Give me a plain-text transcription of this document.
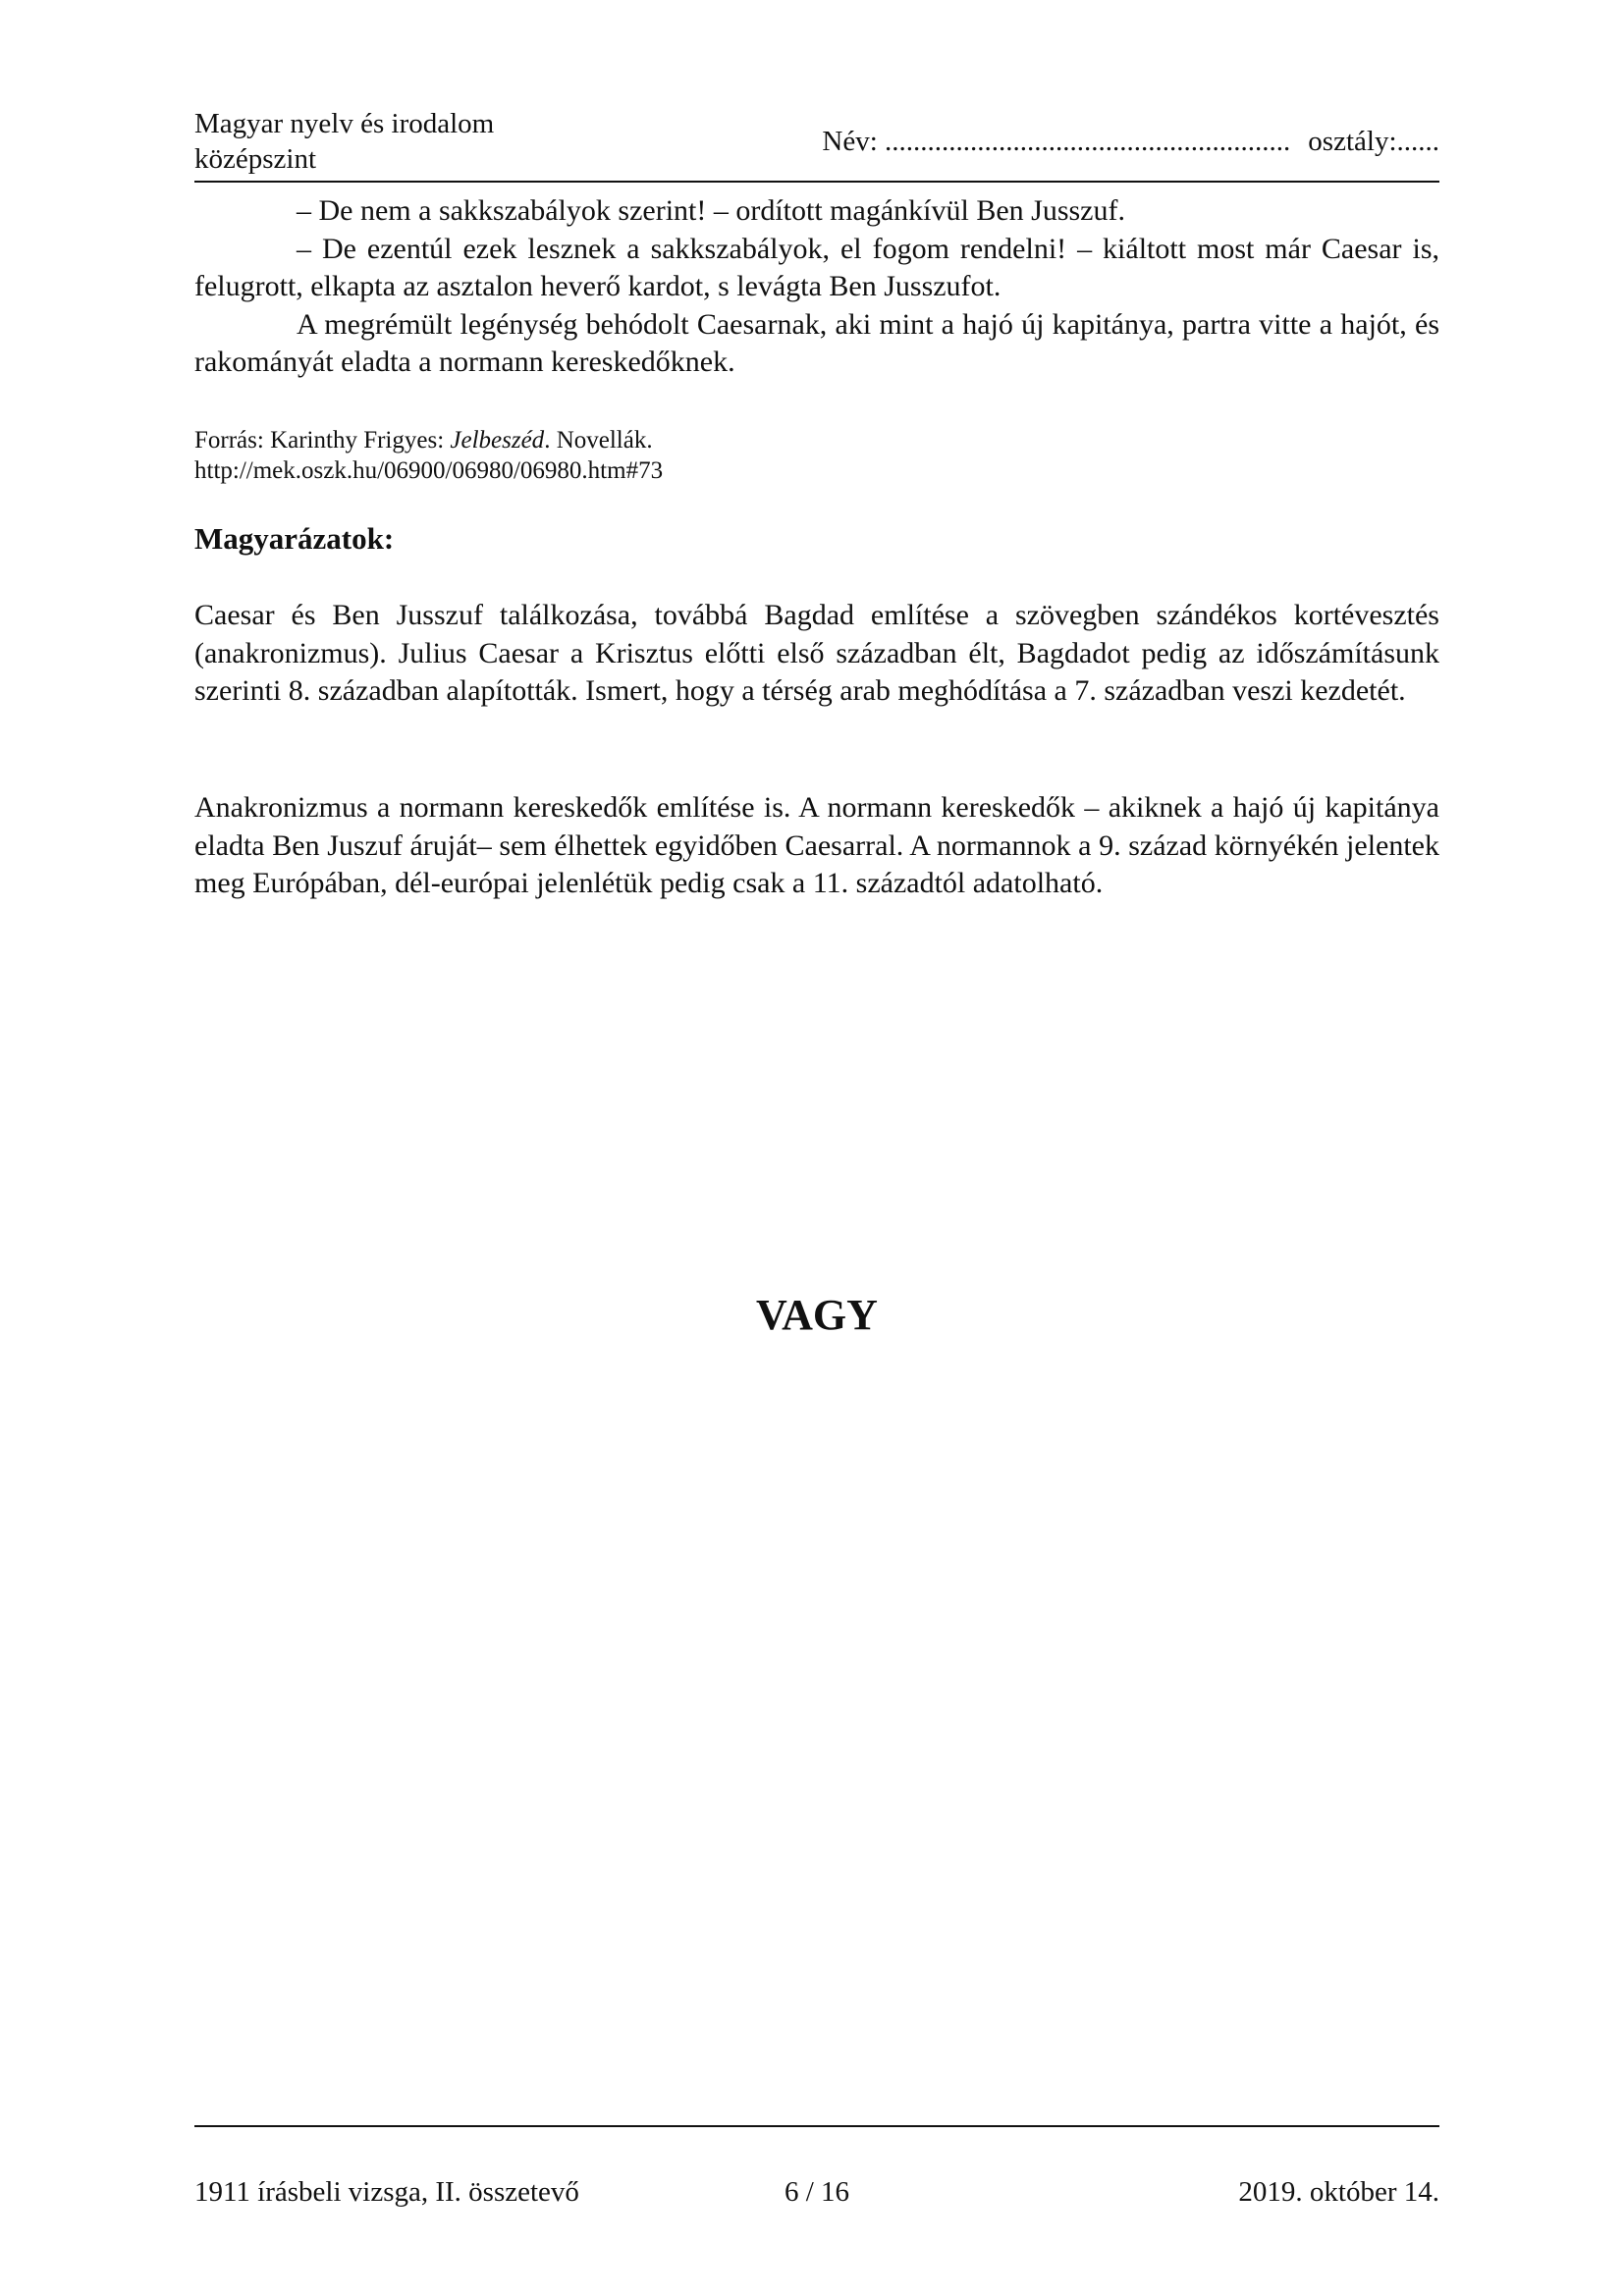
Magyar nyelv és irodalom
középszint
Név: ......................................................... osztály:......

– De nem a sakkszabályok szerint! – ordított magánkívül Ben Jusszuf.

– De ezentúl ezek lesznek a sakkszabályok, el fogom rendelni! – kiáltott most már Caesar is, felugrott, elkapta az asztalon heverő kardot, s levágta Ben Jusszufot.

A megrémült legénység behódolt Caesarnak, aki mint a hajó új kapitánya, partra vitte a hajót, és rakományát eladta a normann kereskedőknek.

Forrás: Karinthy Frigyes: Jelbeszéd. Novellák.

http://mek.oszk.hu/06900/06980/06980.htm#73

Magyarázatok:
Caesar és Ben Jusszuf találkozása, továbbá Bagdad említése a szövegben szándékos kortévesztés (anakronizmus). Julius Caesar a Krisztus előtti első században élt, Bagdadot pedig az időszámításunk szerinti 8. században alapították. Ismert, hogy a térség arab meghódítása a 7. században veszi kezdetét.
Anakronizmus a normann kereskedők említése is. A normann kereskedők – akiknek a hajó új kapitánya eladta Ben Juszuf áruját– sem élhettek egyidőben Caesarral. A normannok a 9. század környékén jelentek meg Európában, dél-európai jelenlétük pedig csak a 11. századtól adatolható.
VAGY
1911 írásbeli vizsga, II. összetevő	6 / 16	2019. október 14.
